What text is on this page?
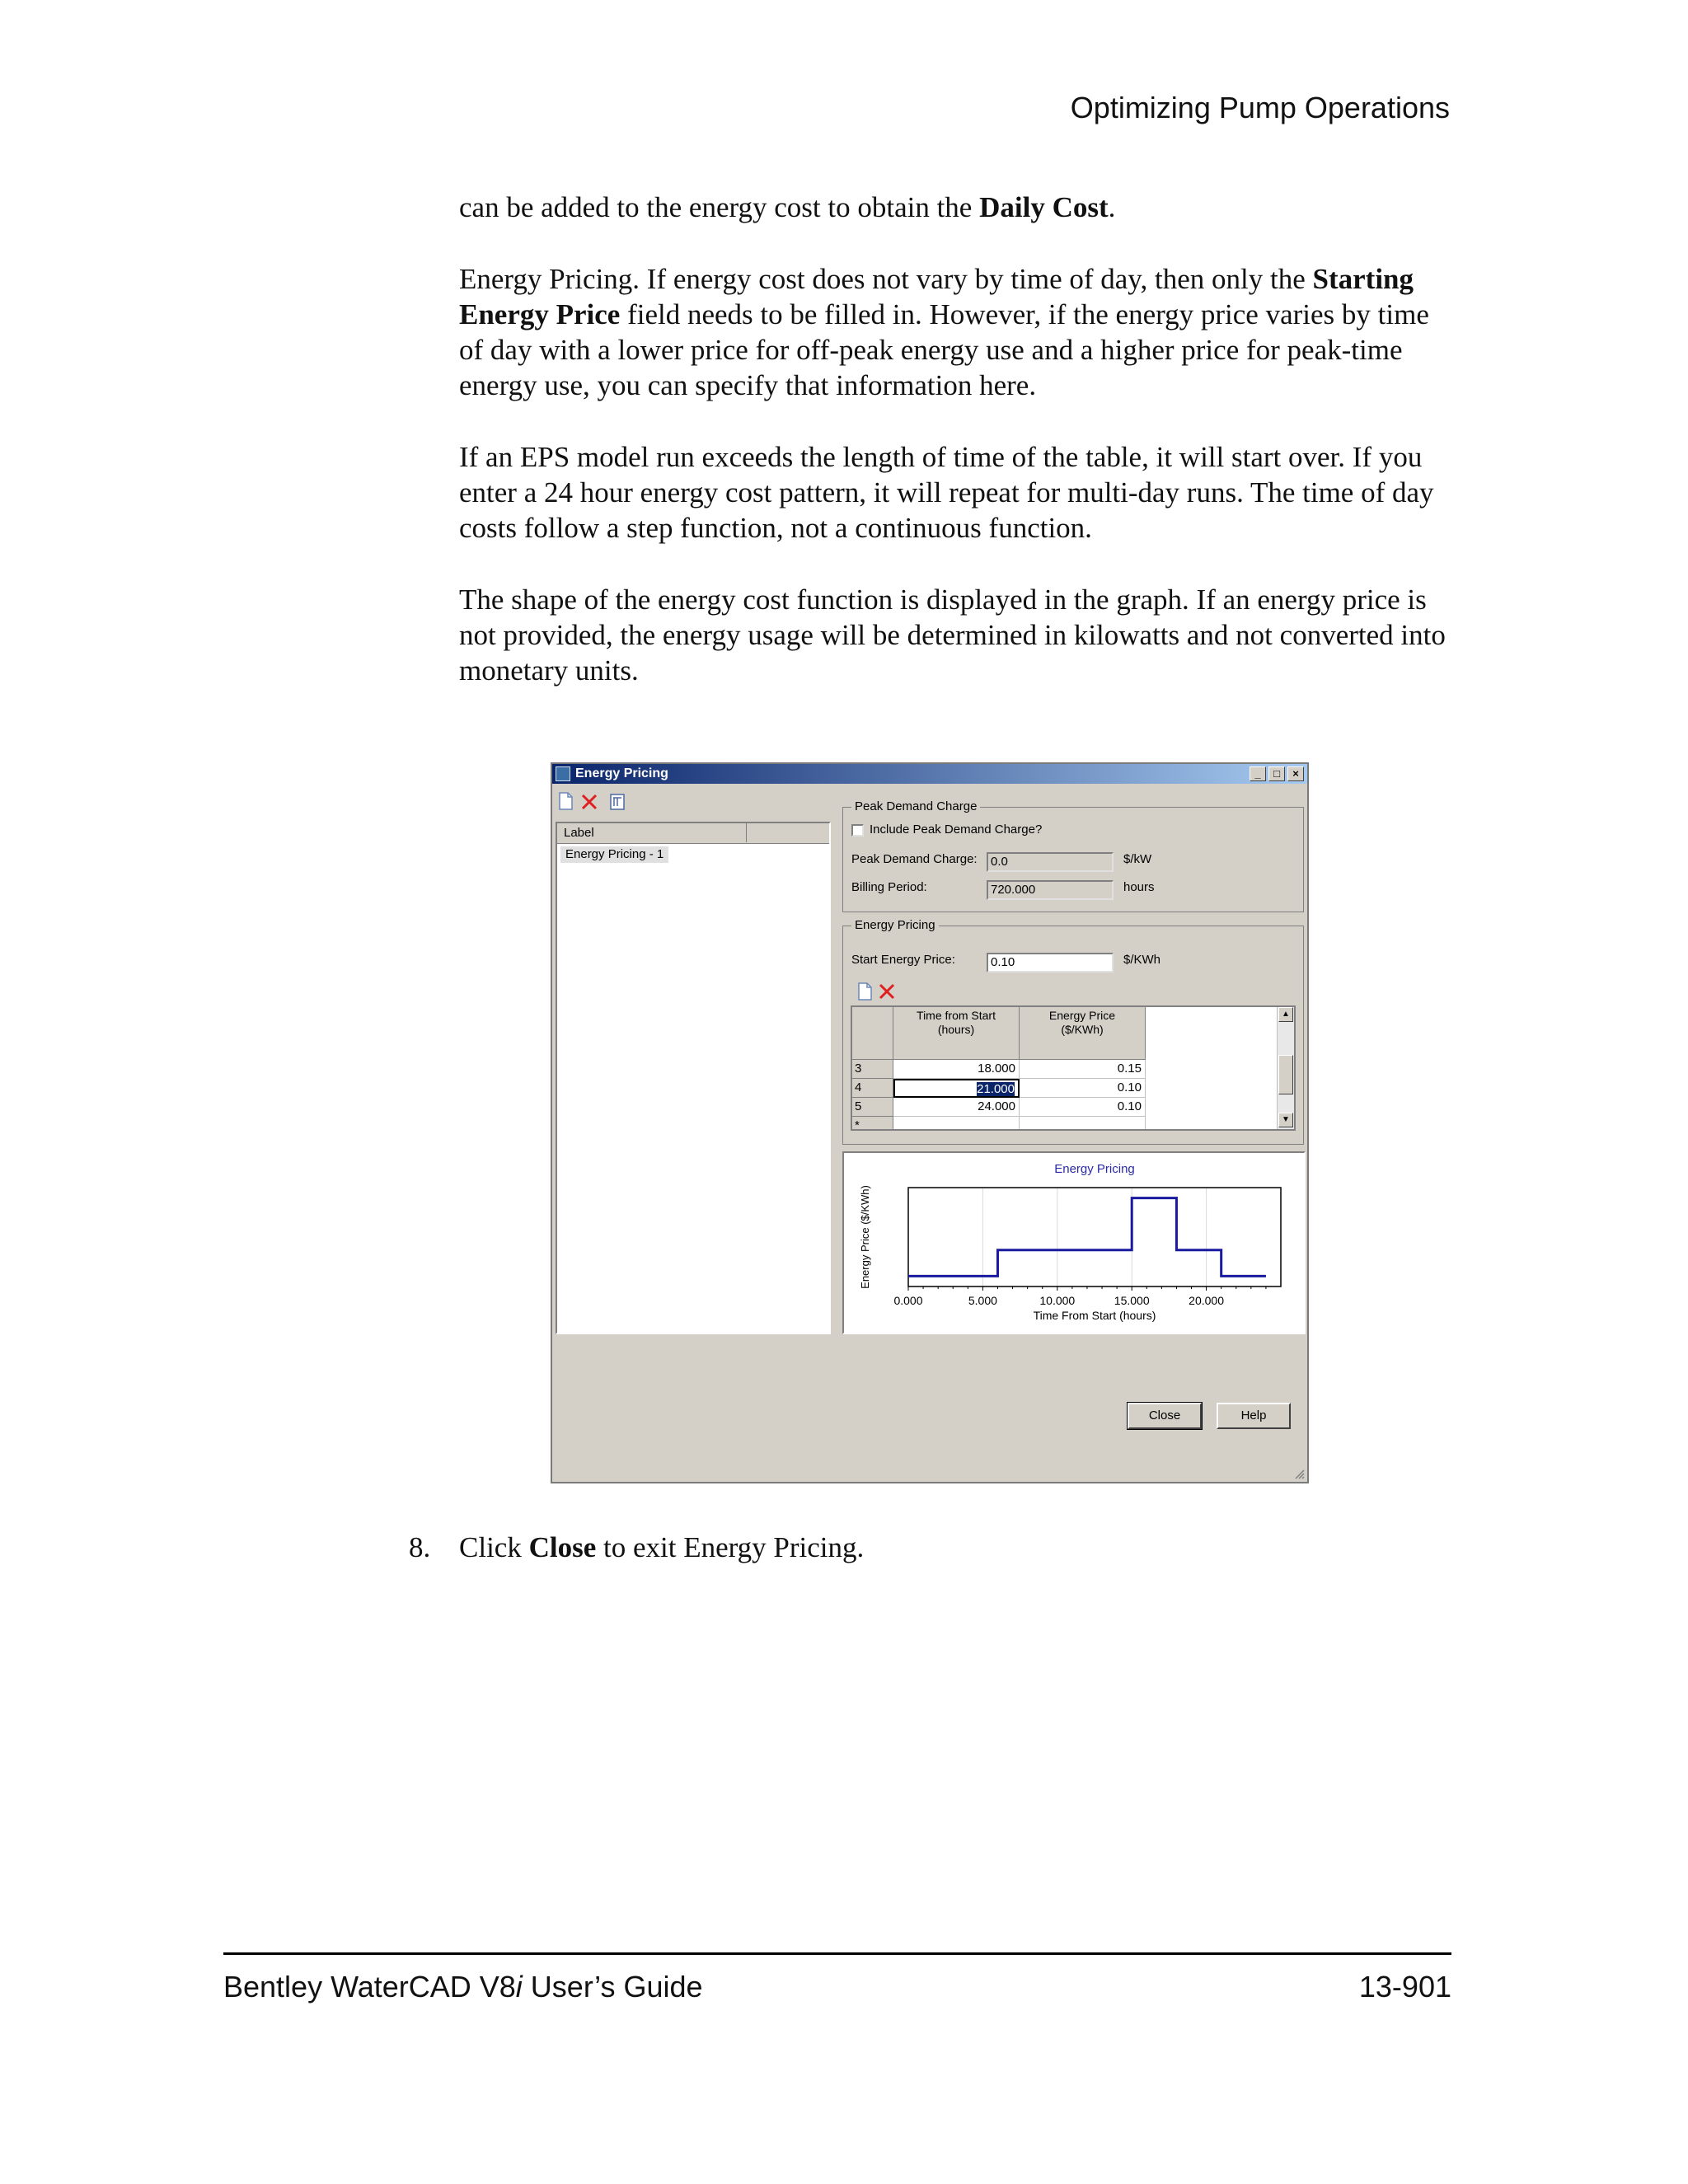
Optimizing Pump Operations

can be added to the energy cost to obtain the Daily Cost.

Energy Pricing. If energy cost does not vary by time of day, then only the Starting Energy Price field needs to be filled in. However, if the energy price varies by time of day with a lower price for off-peak energy use and a higher price for peak-time energy use, you can specify that information here.

If an EPS model run exceeds the length of time of the table, it will start over. If you enter a 24 hour energy cost pattern, it will repeat for multi-day runs. The time of day costs follow a step function, not a continuous function.

The shape of the energy cost function is displayed in the graph. If an energy price is not provided, the energy usage will be determined in kilowatts and not converted into monetary units.

Energy Pricing	_	□	×
Label
Energy Pricing - 1
Peak Demand Charge
Include Peak Demand Charge?
Peak Demand Charge:	0.0	$/kW
Billing Period:	720.000	hours
Energy Pricing
Start Energy Price:	0.10	$/KWh
Time from Start
(hours)
Energy Price
($/KWh)
3	18.000	0.15
4	21.000	0.10
5	24.000	0.10
*
▲
▼
Energy Pricing
0.000	5.000	10.000	15.000	20.000
Time From Start (hours)
Energy Price ($/KWh)
Close	Help
8. Click Close to exit Energy Pricing.
Bentley WaterCAD V8i User’s Guide	13-901
